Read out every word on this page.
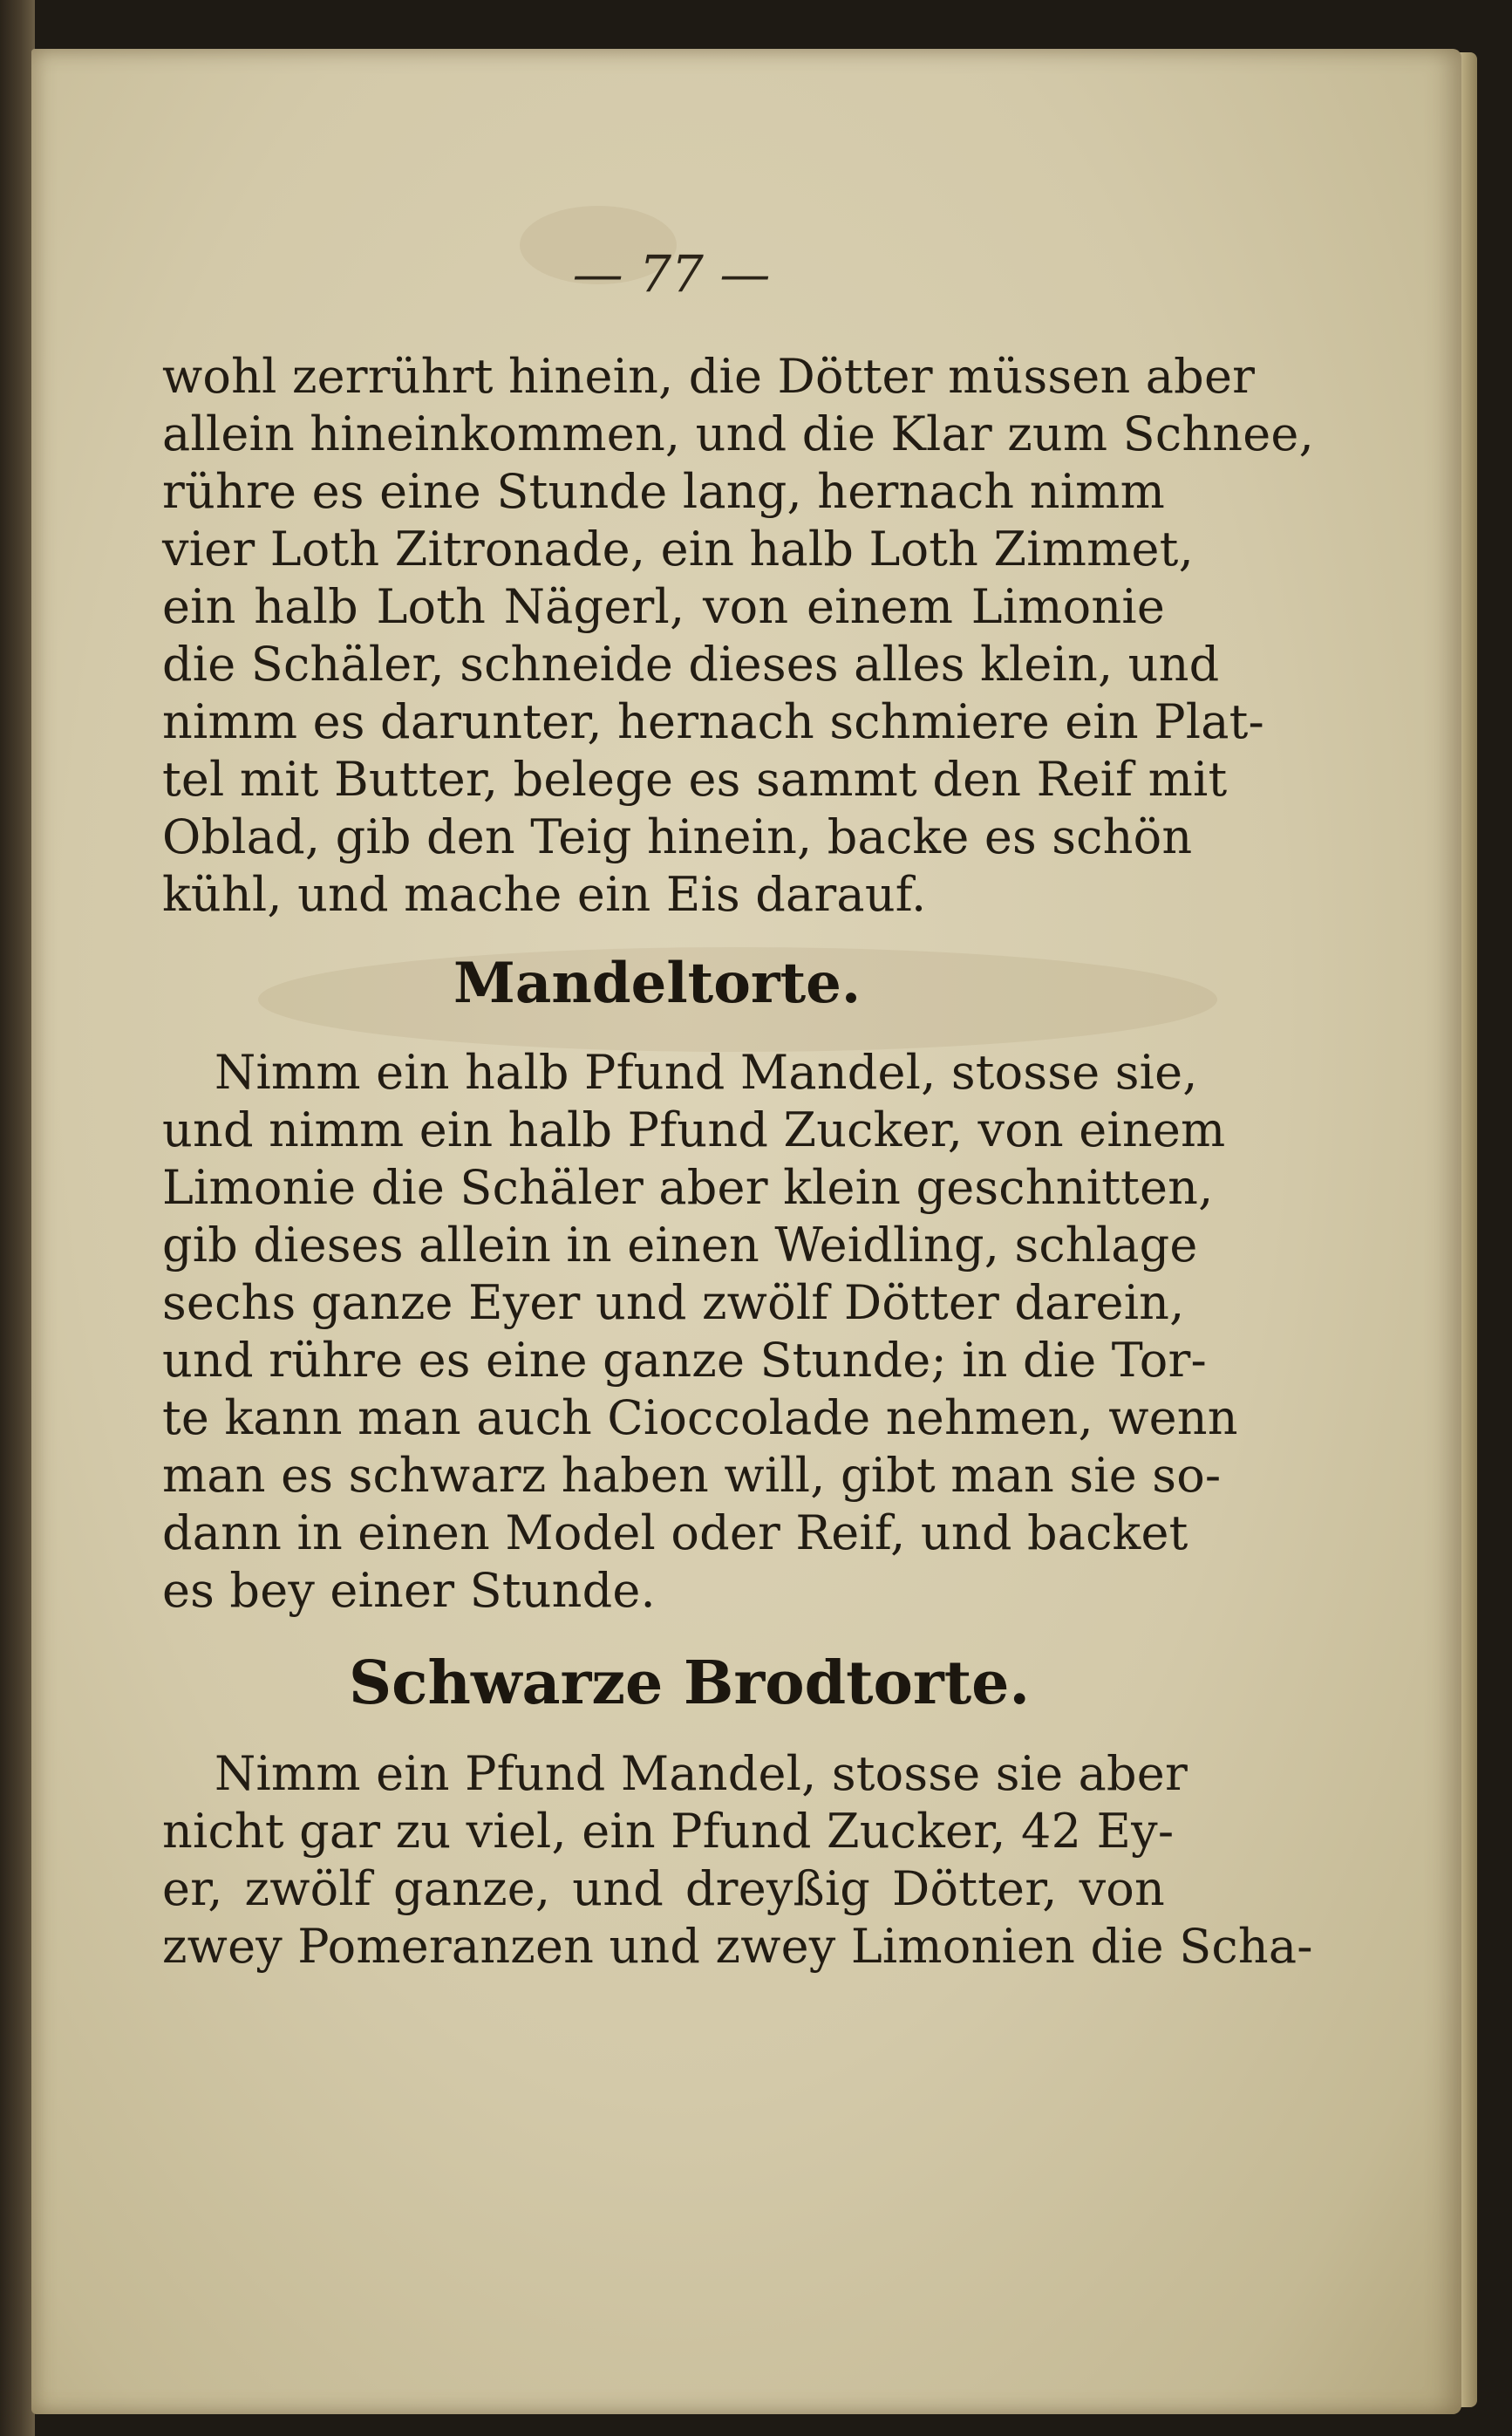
— 77 —
wohl zerrührt hinein, die Dötter müssen aber
allein hineinkommen, und die Klar zum Schnee,
rühre es eine Stunde lang, hernach nimm
vier Loth Zitronade, ein halb Loth Zimmet,
ein halb Loth Nägerl, von einem Limonie
die Schäler, schneide dieses alles klein, und
nimm es darunter, hernach schmiere ein Plat-
tel mit Butter, belege es sammt den Reif mit
Oblad, gib den Teig hinein, backe es schön
kühl, und mache ein Eis darauf.
Mandeltorte.
Nimm ein halb Pfund Mandel, stosse sie,
und nimm ein halb Pfund Zucker, von einem
Limonie die Schäler aber klein geschnitten,
gib dieses allein in einen Weidling, schlage
sechs ganze Eyer und zwölf Dötter darein,
und rühre es eine ganze Stunde; in die Tor-
te kann man auch Cioccolade nehmen, wenn
man es schwarz haben will, gibt man sie so-
dann in einen Model oder Reif, und backet
es bey einer Stunde.
Schwarze Brodtorte.
Nimm ein Pfund Mandel, stosse sie aber
nicht gar zu viel, ein Pfund Zucker, 42 Ey-
er, zwölf ganze, und dreyßig Dötter, von
zwey Pomeranzen und zwey Limonien die Scha-
